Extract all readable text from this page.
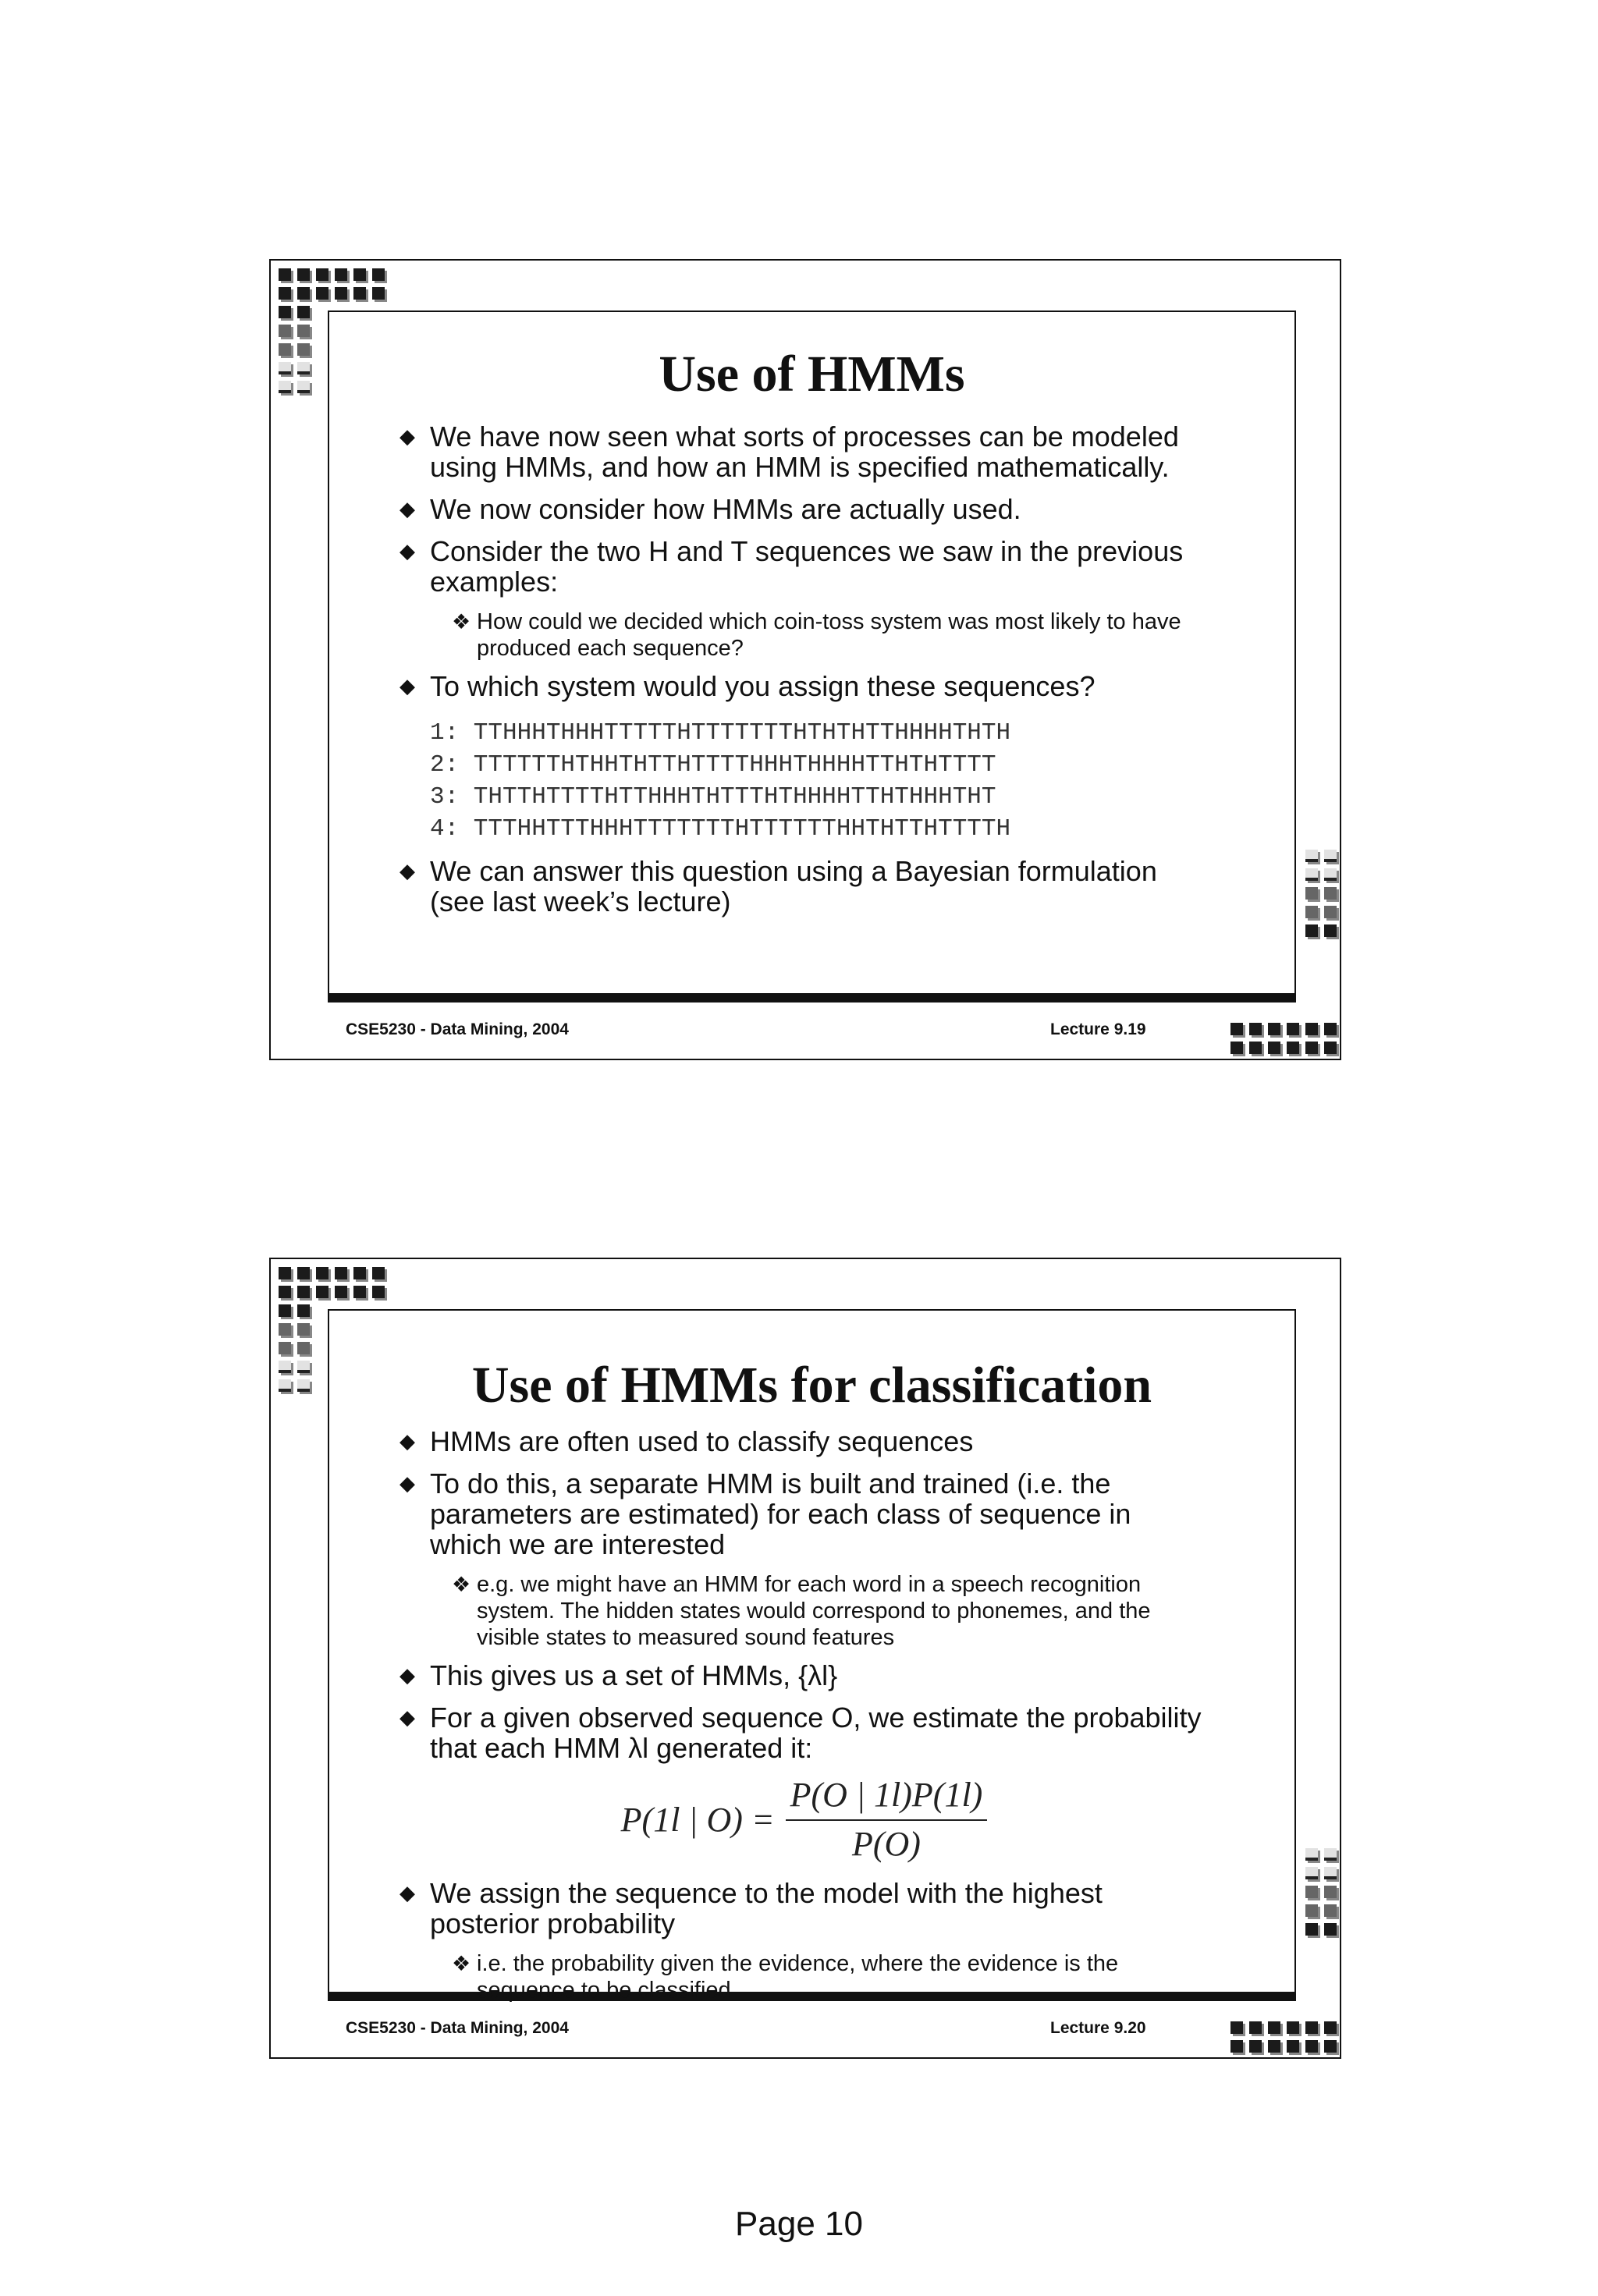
Use of HMMs
◆ We have now seen what sorts of processes can be modeled using HMMs, and how an HMM is specified mathematically.
◆ We now consider how HMMs are actually used.
◆ Consider the two H and T sequences we saw in the previous examples:
❖ How could we decided which coin-toss system was most likely to have produced each sequence?
◆ To which system would you assign these sequences?
1: TTHHHTHHHTTTTTHTTTTTTTHTHTHTTHHHHTHTH
2: TTTTTTHTHHTHTTHTTTTHHHTHHHHTTHTHTTTT
3: THTTHTTTTHTTHHHTHTTTHTHHHHTTHTHHHTHT
4: TTTHHTTTHHHTTTTTTTHTTTTTTHHTHTTHTTTTH
◆ We can answer this question using a Bayesian formulation (see last week’s lecture)
CSE5230 - Data Mining, 2004	Lecture 9.19
Use of HMMs for classification
◆ HMMs are often used to classify sequences
◆ To do this, a separate HMM is built and trained (i.e. the parameters are estimated) for each class of sequence in which we are interested
❖ e.g. we might have an HMM for each word in a speech recognition system. The hidden states would correspond to phonemes, and the visible states to measured sound features
◆ This gives us a set of HMMs, {λl}
◆ For a given observed sequence O, we estimate the probability that each HMM λl generated it:
P(1l | $O) = \frac{P(O | 1l)P(1l)}{P(O)}$
◆ We assign the sequence to the model with the highest posterior probability
❖ i.e. the probability given the evidence, where the evidence is the sequence to be classified
CSE5230 - Data Mining, 2004	Lecture 9.20
Page 10
